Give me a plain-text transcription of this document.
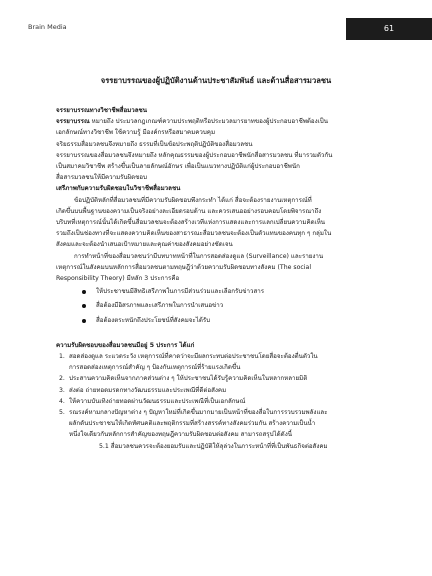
Brain Media	61
จรรยาบรรณของผู้ปฏิบัติงานด้านประชาสัมพันธ์ และด้านสื่อสารมวลชน

จรรยาบรรณทางวิชาชีพสื่อมวลชน

จรรยาบรรณ หมายถึง ประมวลกฎเกณฑ์ความประพฤติหรือประมวลมารยาทของผู้ประกอบอาชีพต้องเป็น

เอกลักษณ์ทางวิชาชีพ ใช้ความรู้ มีองค์กรหรือสมาคมควบคุม

จริยธรรมสื่อมวลชนจึงหมายถึง ธรรมที่เป็นข้อประพฤติปฏิบัติของสื่อมวลชน

จรรยาบรรณของสื่อมวลชนจึงหมายถึง หลักคุณธรรมของผู้ประกอบอาชีพนักสื่อสารมวลชน ที่มารวมตัวกัน

เป็นสมาคมวิชาชีพ สร้างขึ้นเป็นลายลักษณ์อักษร เพื่อเป็นแนวทางปฏิบัติแก่ผู้ประกอบอาชีพนัก

สื่อสารมวลชนให้มีความรับผิดชอบ

เสรีภาพกับความรับผิดชอบในวิชาชีพสื่อมวลชน

ข้อปฏิบัติหลักที่สื่อมวลชนที่มีความรับผิดชอบพึงกระทำ ได้แก่ สื่อจะต้องรายงานเหตุการณ์ที่

เกิดขึ้นบนพื้นฐานของความเป็นจริงอย่างละเอียดรอบด้าน และควรเสนออย่างรอบคอบโดยพิจารณาถึง

บริบทที่เหตุการณ์นั้นได้เกิดขึ้นสื่อมวลชนจะต้องสร้างเวทีแห่งการแสดงและการแลกเปลี่ยนความคิดเห็น

รวมถึงเป็นช่องทางที่จะแสดงความคิดเห็นของสาธารณะสื่อมวลชนจะต้องเป็นตัวแทนของคนทุก ๆ กลุ่มใน

สังคมและจะต้องนำเสนอเป้าหมายและคุณค่าของสังคมอย่างชัดเจน

การทำหน้าที่ของสื่อมวลชนว่ามีบทบาทหน้าที่ในการสอดส่องดูแล (Surveillance) และรายงาน

เหตุการณ์ในสังคมบนหลักการสื่อมวลชนตามทฤษฎีว่าด้วยความรับผิดชอบทางสังคม (The social

Responsibility Theory) มีหลัก 3 ประการคือ

ให้ประชาชนมีสิทธิเสรีภาพในการมีส่วนร่วมและเลือกรับข่าวสาร
สื่อต้องมีอิสรภาพและเสรีภาพในการนำเสนอข่าว
สื่อต้องตระหนักถึงประโยชน์ที่สังคมจะได้รับ

ความรับผิดชอบของสื่อมวลชนมีอยู่ 5 ประการ ได้แก่

1. สอดส่องดูแล ระแวดระวัง เหตุการณ์ที่คาดว่าจะมีผลกระทบต่อประชาชนโดยสื่อจะต้องตื่นตัวใน
การสอดส่องเหตุการณ์สำคัญ ๆ ป้องกันเหตุการณ์ที่ร้ายแรงเกิดขึ้น
2. ประสานความคิดเห็นจากภาคส่วนต่าง ๆ ให้ประชาชนได้รับรู้ความคิดเห็นในหลากหลายมิติ
3. ส่งต่อ ถ่ายทอดมรดกทางวัฒนธรรมและประเพณีที่ดีต่อสังคม
4. ให้ความบันเทิงถ่ายทอดผ่านวัฒนธรรมและประเพณีที่เป็นเอกลักษณ์
5. รณรงค์หามกลางปัญหาต่าง ๆ ปัญหาใหม่ที่เกิดขึ้นมากมายเป็นหน้าที่ของสื่อในการรวบรวมพลังและ
ผลักดันประชาชนให้เกิดทัศนคติและพฤติกรรมที่สร้างสรรค์ทางสังคมร่วมกัน สร้างความเป็นน้ำ
หนึ่งใจเดียวกันหลักการสำคัญของทฤษฎีความรับผิดชอบต่อสังคม สามารถสรุปได้ดังนี้

5.1 สื่อมวลชนควรจะต้องยอมรับและปฏิบัติให้ลุล่วงในภาระหน้าที่ที่เป็นพันธกิจต่อสังคม
